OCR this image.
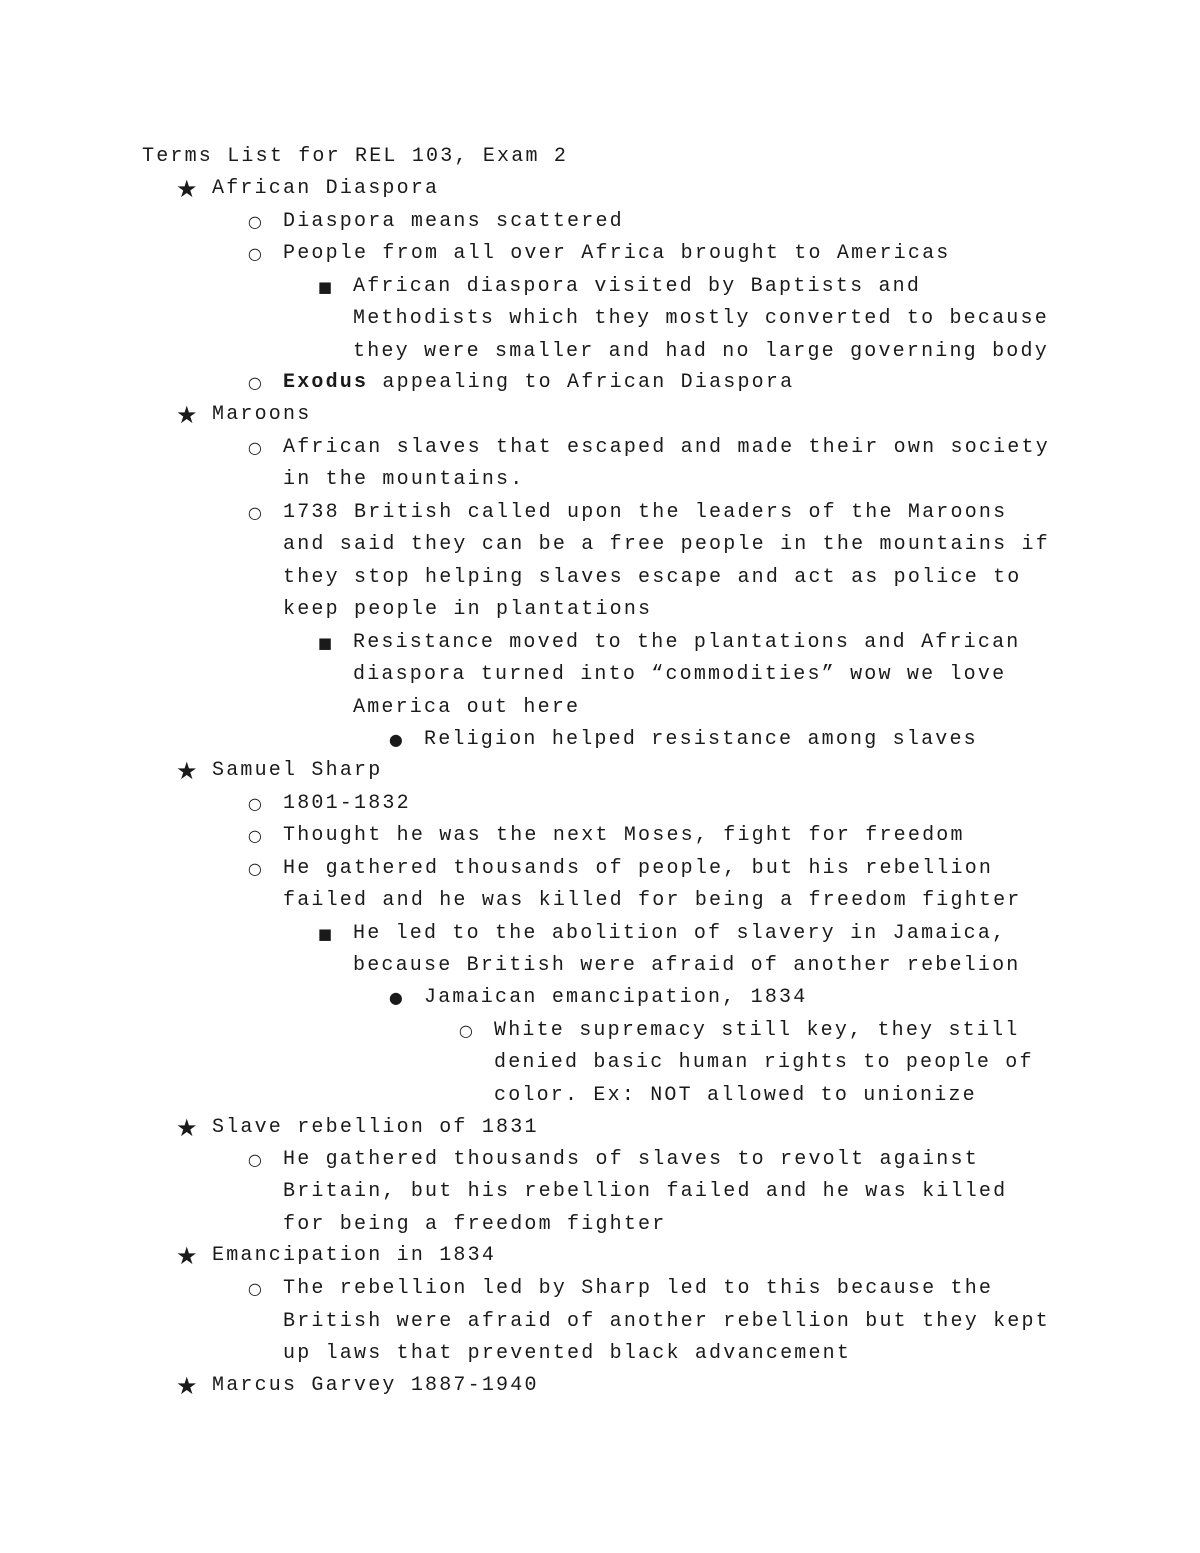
Terms List for REL 103, Exam 2
★ African Diaspora
○ Diaspora means scattered
○ People from all over Africa brought to Americas
■ African diaspora visited by Baptists and
Methodists which they mostly converted to because
they were smaller and had no large governing body
○ Exodus appealing to African Diaspora
★ Maroons
○ African slaves that escaped and made their own society
in the mountains.
○ 1738 British called upon the leaders of the Maroons
and said they can be a free people in the mountains if
they stop helping slaves escape and act as police to
keep people in plantations
■ Resistance moved to the plantations and African
diaspora turned into “commodities” wow we love
America out here
● Religion helped resistance among slaves
★ Samuel Sharp
○ 1801-1832
○ Thought he was the next Moses, fight for freedom
○ He gathered thousands of people, but his rebellion
failed and he was killed for being a freedom fighter
■ He led to the abolition of slavery in Jamaica,
because British were afraid of another rebelion
● Jamaican emancipation, 1834
○ White supremacy still key, they still
denied basic human rights to people of
color. Ex: NOT allowed to unionize
★ Slave rebellion of 1831
○ He gathered thousands of slaves to revolt against
Britain, but his rebellion failed and he was killed
for being a freedom fighter
★ Emancipation in 1834
○ The rebellion led by Sharp led to this because the
British were afraid of another rebellion but they kept
up laws that prevented black advancement
★ Marcus Garvey 1887-1940
